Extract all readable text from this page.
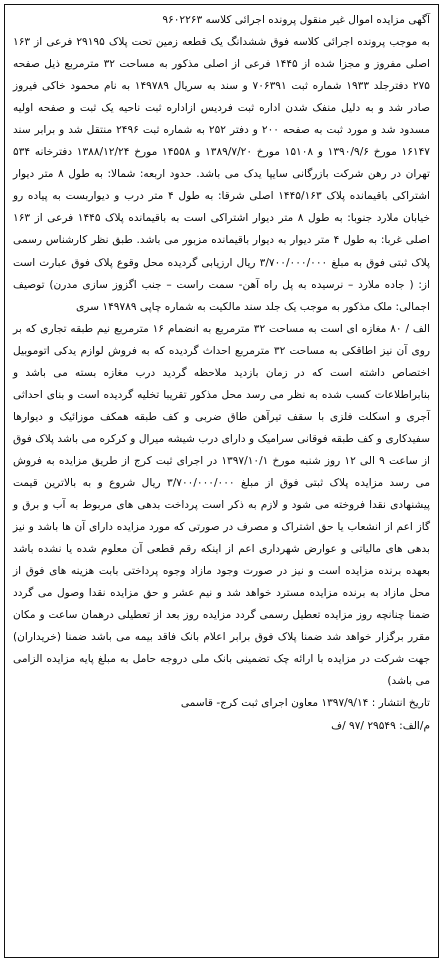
آگهی مزایده اموال غیر منقول پرونده اجرائی کلاسه ۹۶۰۲۲۶۳

به موجب پرونده اجرائی کلاسه فوق ششدانگ یک قطعه زمین تحت پلاک ۲۹۱۹۵ فرعی از ۱۶۳ اصلی مفروز و مجزا شده از ۱۴۴۵ فرعی از اصلی مذکور به مساحت ۳۲ مترمربع ذیل صفحه ۲۷۵ دفترجلد ۱۹۳۳ شماره ثبت ۷۰۶۳۹۱ و سند به سریال ۱۴۹۷۸۹ به نام محمود خاکی فیروز صادر شد و به دلیل منفک شدن اداره ثبت فردیس ازاداره ثبت ناحیه یک ثبت و صفحه اولیه مسدود شد و مورد ثبت به صفحه ۲۰۰ و دفتر ۲۵۲ به شماره ثبت ۲۴۹۶ منتقل شد و برابر سند ۱۶۱۴۷ مورخ ۱۳۹۰/۹/۶ و ۱۵۱۰۸ مورخ ۱۳۸۹/۷/۲۰ و ۱۴۵۵۸ مورخ ۱۳۸۸/۱۲/۲۴ دفترخانه ۵۳۴ تهران در رهن شرکت بازرگانی سایپا یدک می باشد. حدود اربعه: شمالا: به طول ۸ متر دیوار اشتراکی باقیمانده پلاک ۱۴۴۵/۱۶۳ اصلی شرقا: به طول ۴ متر درب و دیواربست به پیاده رو خیابان ملارد جنوبا: به طول ۸ متر دیوار اشتراکی است به باقیمانده پلاک ۱۴۴۵ فرعی از ۱۶۳ اصلی غربا: به طول ۴ متر دیوار به دیوار باقیمانده مزبور می باشد. طبق نظر کارشناس رسمی پلاک ثبتی فوق به مبلغ ۳/۷۰۰/۰۰۰/۰۰۰ ریال ارزیابی گردیده محل وقوع پلاک فوق عبارت است از: ( جاده ملارد – نرسیده به پل راه آهن- سمت راست – جنب اگزوز سازی مدرن) توصیف اجمالی: ملک مذکور به موجب یک جلد سند مالکیت به شماره چاپی ۱۴۹۷۸۹ سری

الف / ۸۰ مغازه ای است به مساحت ۳۲ مترمربع به انضمام ۱۶ مترمربع نیم طبقه تجاری که بر روی آن نیز اطاقکی به مساحت ۳۲ مترمربع احداث گردیده که به فروش لوازم یدکی اتوموبیل اختصاص داشته است که در زمان بازدید ملاحظه گردید درب مغازه بسته می باشد و بنابراطلاعات کسب شده به نظر می رسد محل مذکور تقریبا تخلیه گردیده است و بنای احداثی آجری و اسکلت فلزی با سقف تیرآهن طاق ضربی و کف طبقه همکف موزائیک و دیوارها سفیدکاری و کف طبقه فوقانی سرامیک و دارای درب شیشه میرال و کرکره می باشد پلاک فوق از ساعت ۹ الی ۱۲ روز شنبه مورخ ۱۳۹۷/۱۰/۱ در اجرای ثبت کرج از طریق مزایده به فروش می رسد مزایده پلاک ثبتی فوق از مبلغ ۳/۷۰۰/۰۰۰/۰۰۰ ریال شروع و به بالاترین قیمت پیشنهادی نقدا فروخته می شود و لازم به ذکر است پرداخت بدهی های مربوط به آب و برق و گاز اعم از انشعاب یا حق اشتراک و مصرف در صورتی که مورد مزایده دارای آن ها باشد و نیز بدهی های مالیاتی و عوارض شهرداری اعم از اینکه رقم قطعی آن معلوم شده یا نشده باشد بعهده برنده مزایده است و نیز در صورت وجود مازاد وجوه پرداختی بابت هزینه های فوق از محل مازاد به برنده مزایده مسترد خواهد شد و نیم عشر و حق مزایده نقدا وصول می گردد ضمنا چنانچه روز مزایده تعطیل رسمی گردد مزایده روز بعد از تعطیلی درهمان ساعت و مکان مقرر برگزار خواهد شد ضمنا پلاک فوق برابر اعلام بانک فاقد بیمه می باشد ضمنا (خریداران) جهت شرکت در مزایده با ارائه چک تضمینی بانک ملی دروجه حامل به مبلغ پایه مزایده الزامی می باشد)

تاریخ انتشار : ۱۳۹۷/۹/۱۴ معاون اجرای ثبت کرج- قاسمی

م/الف: ۲۹۵۴۹ /۹۷ /ف
